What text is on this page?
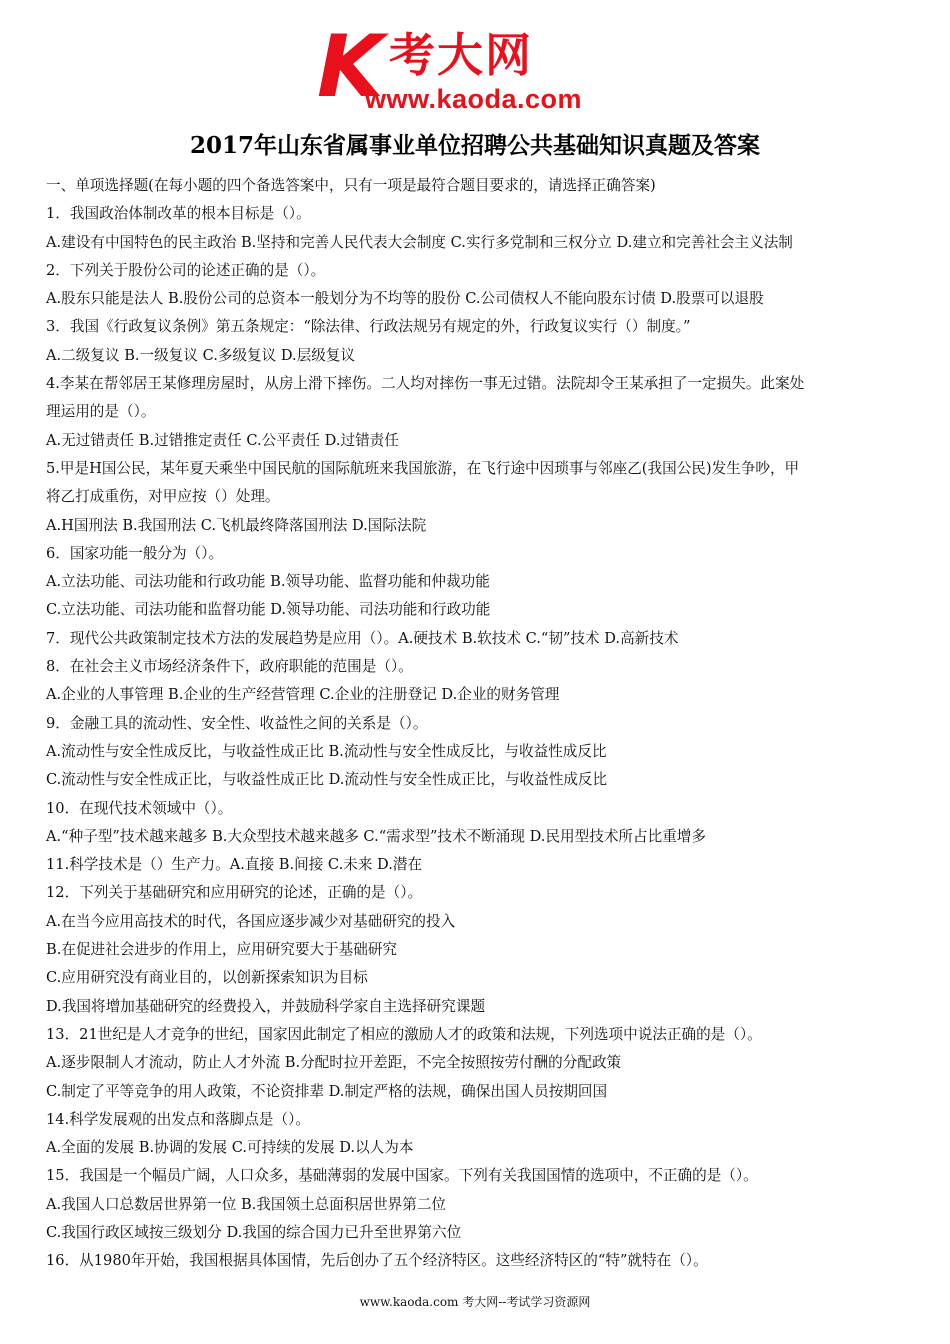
K 考大网
www.kaoda.com
2017年山东省属事业单位招聘公共基础知识真题及答案
一、单项选择题(在每小题的四个备选答案中，只有一项是最符合题目要求的，请选择正确答案)
1．我国政治体制改革的根本目标是（）。
A.建设有中国特色的民主政治 B.坚持和完善人民代表大会制度 C.实行多党制和三权分立 D.建立和完善社会主义法制
2．下列关于股份公司的论述正确的是（）。
A.股东只能是法人 B.股份公司的总资本一般划分为不均等的股份 C.公司债权人不能向股东讨债 D.股票可以退股
3．我国《行政复议条例》第五条规定：“除法律、行政法规另有规定的外，行政复议实行（）制度。”
A.二级复议 B.一级复议 C.多级复议 D.层级复议
4.李某在帮邻居王某修理房屋时，从房上滑下摔伤。二人均对摔伤一事无过错。法院却令王某承担了一定损失。此案处
理运用的是（）。
A.无过错责任 B.过错推定责任 C.公平责任 D.过错责任
5.甲是H国公民，某年夏天乘坐中国民航的国际航班来我国旅游，在飞行途中因琐事与邻座乙(我国公民)发生争吵，甲
将乙打成重伤，对甲应按（）处理。
A.H国刑法 B.我国刑法 C.飞机最终降落国刑法 D.国际法院
6．国家功能一般分为（）。
A.立法功能、司法功能和行政功能 B.领导功能、监督功能和仲裁功能
C.立法功能、司法功能和监督功能 D.领导功能、司法功能和行政功能
7．现代公共政策制定技术方法的发展趋势是应用（）。A.硬技术 B.软技术 C.“韧”技术 D.高新技术
8．在社会主义市场经济条件下，政府职能的范围是（）。
A.企业的人事管理 B.企业的生产经营管理 C.企业的注册登记 D.企业的财务管理
9．金融工具的流动性、安全性、收益性之间的关系是（）。
A.流动性与安全性成反比，与收益性成正比 B.流动性与安全性成反比，与收益性成反比
C.流动性与安全性成正比，与收益性成正比 D.流动性与安全性成正比，与收益性成反比
10．在现代技术领域中（）。
A.“种子型”技术越来越多 B.大众型技术越来越多 C.“需求型”技术不断涌现 D.民用型技术所占比重增多
11.科学技术是（）生产力。A.直接 B.间接 C.未来 D.潜在
12．下列关于基础研究和应用研究的论述，正确的是（）。
A.在当今应用高技术的时代，各国应逐步减少对基础研究的投入
B.在促进社会进步的作用上，应用研究要大于基础研究
C.应用研究没有商业目的，以创新探索知识为目标
D.我国将增加基础研究的经费投入，并鼓励科学家自主选择研究课题
13．21世纪是人才竞争的世纪，国家因此制定了相应的激励人才的政策和法规，下列选项中说法正确的是（）。
A.逐步限制人才流动，防止人才外流 B.分配时拉开差距，不完全按照按劳付酬的分配政策
C.制定了平等竞争的用人政策，不论资排辈 D.制定严格的法规，确保出国人员按期回国
14.科学发展观的出发点和落脚点是（）。
A.全面的发展 B.协调的发展 C.可持续的发展 D.以人为本
15．我国是一个幅员广阔，人口众多，基础薄弱的发展中国家。下列有关我国国情的选项中，不正确的是（）。
A.我国人口总数居世界第一位 B.我国领土总面积居世界第二位
C.我国行政区域按三级划分 D.我国的综合国力已升至世界第六位
16．从1980年开始，我国根据具体国情，先后创办了五个经济特区。这些经济特区的“特”就特在（）。
www.kaoda.com 考大网--考试学习资源网
